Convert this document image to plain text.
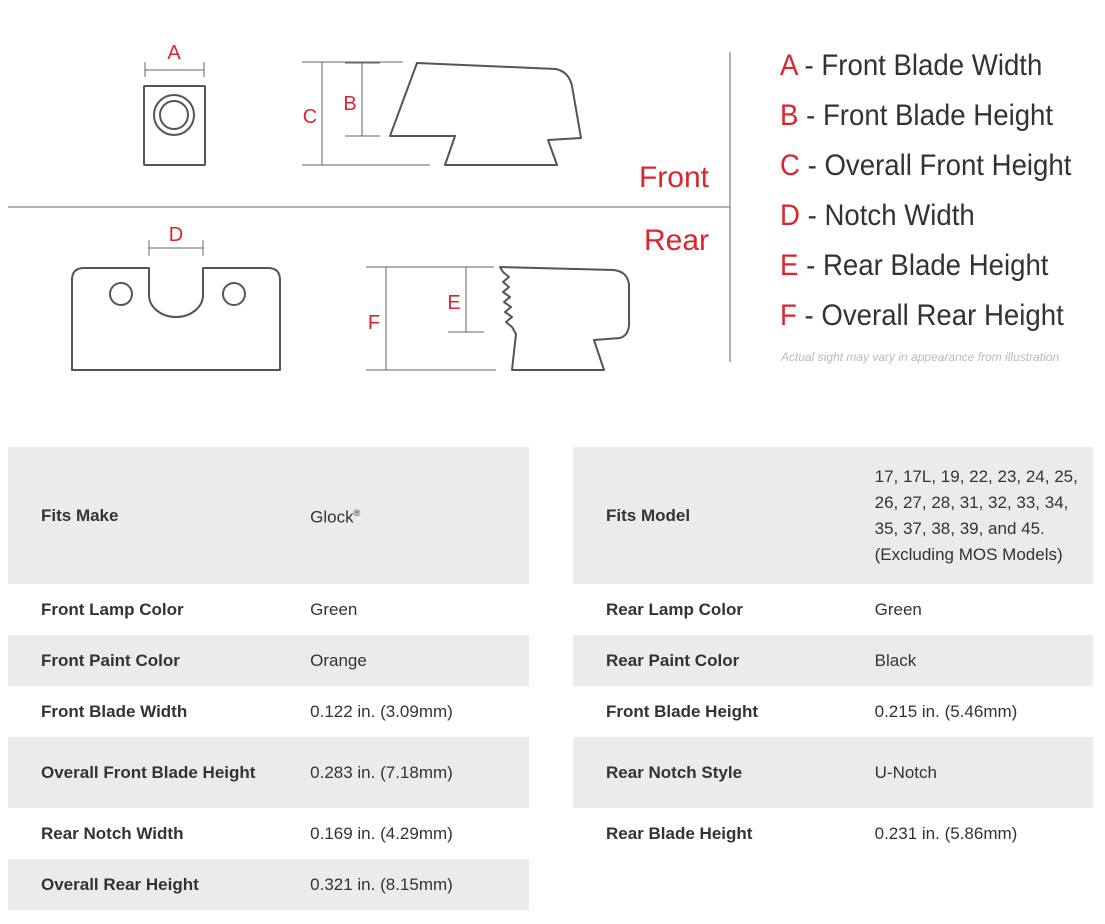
A
C
B
D
F
E
Front
Rear
A - Front Blade Width
B - Front Blade Height
C - Overall Front Height
D - Notch Width
E - Rear Blade Height
F - Overall Rear Height
Actual sight may vary in appearance from illustration
Fits Make	Glock®
Front Lamp Color	Green
Front Paint Color	Orange
Front Blade Width	0.122 in. (3.09mm)
Overall Front Blade Height	0.283 in. (7.18mm)
Rear Notch Width	0.169 in. (4.29mm)
Overall Rear Height	0.321 in. (8.15mm)
Fits Model	17, 17L, 19, 22, 23, 24, 25,
26, 27, 28, 31, 32, 33, 34,
35, 37, 38, 39, and 45.
(Excluding MOS Models)

Rear Lamp Color	Green
Rear Paint Color	Black
Front Blade Height	0.215 in. (5.46mm)
Rear Notch Style	U-Notch
Rear Blade Height	0.231 in. (5.86mm)
